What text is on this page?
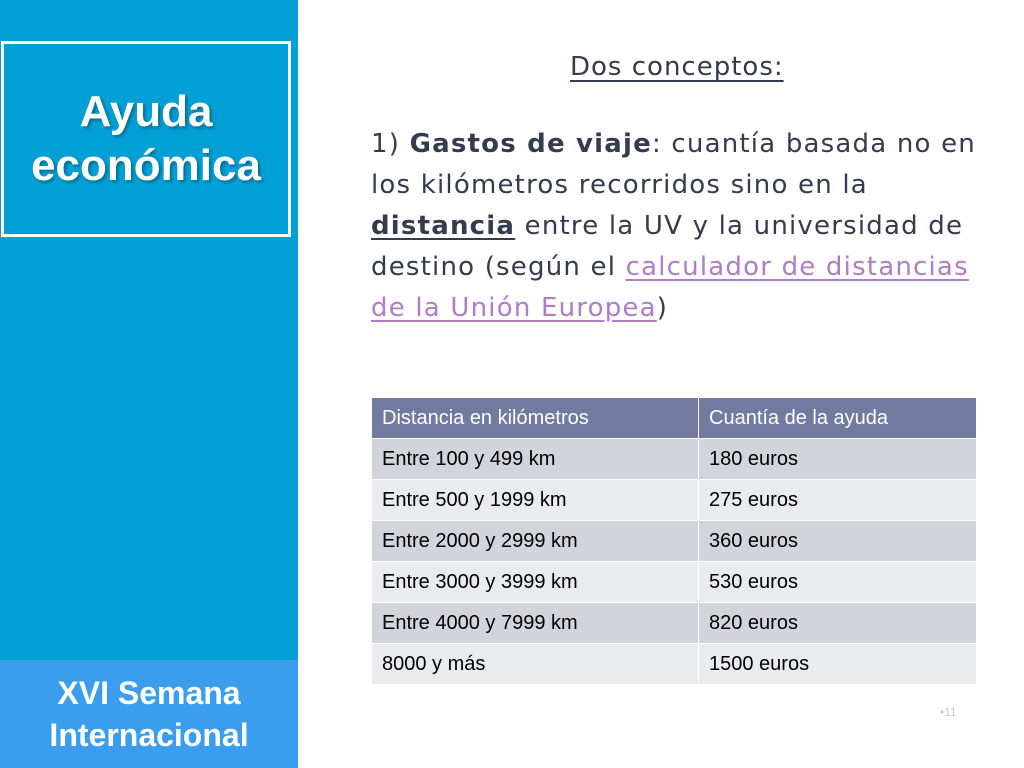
Ayuda
económica
XVI Semana
Internacional
Dos conceptos:
1) Gastos de viaje: cuantía basada no en los kilómetros recorridos sino en la distancia entre la UV y la universidad de destino (según el calculador de distancias de la Unión Europea)
Distancia en kilómetros	Cuantía de la ayuda
Entre 100 y 499 km	180 euros
Entre 500 y 1999 km	275 euros
Entre 2000 y 2999 km	360 euros
Entre 3000 y 3999 km	530 euros
Entre 4000 y 7999 km	820 euros
8000 y más	1500 euros
•11
